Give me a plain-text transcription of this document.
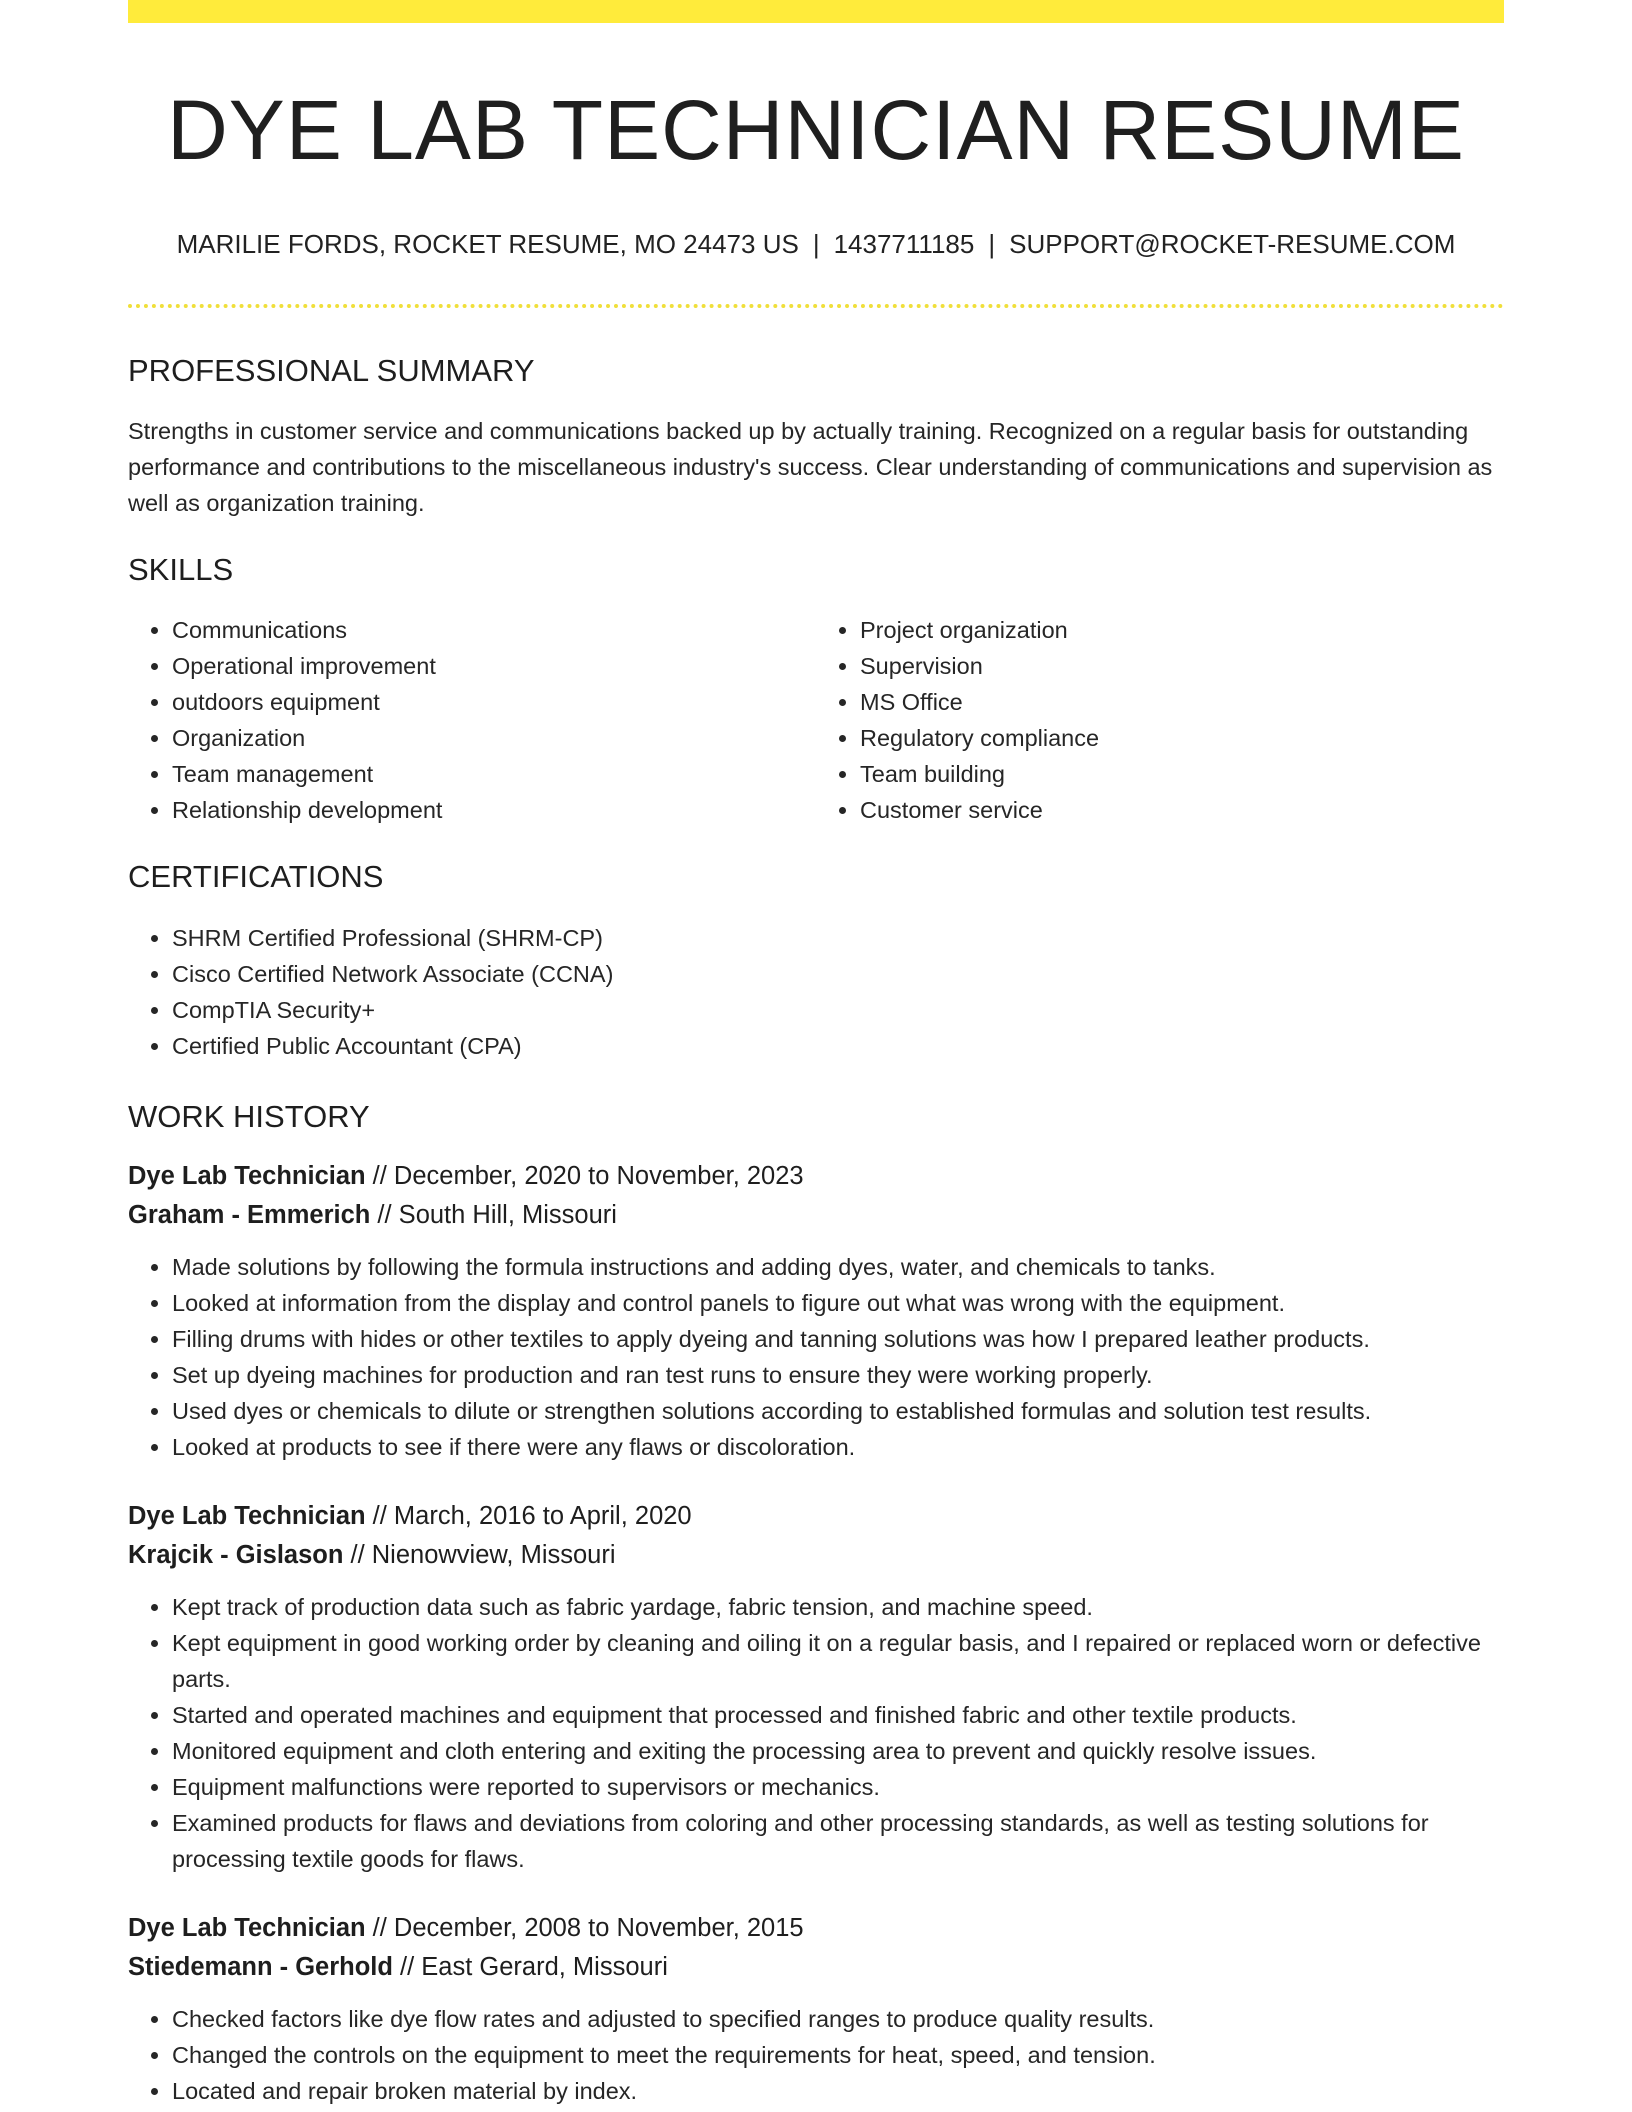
DYE LAB TECHNICIAN RESUME
MARILIE FORDS, ROCKET RESUME, MO 24473 US | 1437711185 | SUPPORT@ROCKET-RESUME.COM
PROFESSIONAL SUMMARY

Strengths in customer service and communications backed up by actually training. Recognized on a regular basis for outstanding performance and contributions to the miscellaneous industry's success. Clear understanding of communications and supervision as well as organization training.

SKILLS
• Communications
• Operational improvement
• outdoors equipment
• Organization
• Team management
• Relationship development
• Project organization
• Supervision
• MS Office
• Regulatory compliance
• Team building
• Customer service
CERTIFICATIONS
• SHRM Certified Professional (SHRM-CP)
• Cisco Certified Network Associate (CCNA)
• CompTIA Security+
• Certified Public Accountant (CPA)
WORK HISTORY
Dye Lab Technician // December, 2020 to November, 2023
Graham - Emmerich // South Hill, Missouri
• Made solutions by following the formula instructions and adding dyes, water, and chemicals to tanks.
• Looked at information from the display and control panels to figure out what was wrong with the equipment.
• Filling drums with hides or other textiles to apply dyeing and tanning solutions was how I prepared leather products.
• Set up dyeing machines for production and ran test runs to ensure they were working properly.
• Used dyes or chemicals to dilute or strengthen solutions according to established formulas and solution test results.
• Looked at products to see if there were any flaws or discoloration.
Dye Lab Technician // March, 2016 to April, 2020
Krajcik - Gislason // Nienowview, Missouri
• Kept track of production data such as fabric yardage, fabric tension, and machine speed.
• Kept equipment in good working order by cleaning and oiling it on a regular basis, and I repaired or replaced worn or defective parts.
• Started and operated machines and equipment that processed and finished fabric and other textile products.
• Monitored equipment and cloth entering and exiting the processing area to prevent and quickly resolve issues.
• Equipment malfunctions were reported to supervisors or mechanics.
• Examined products for flaws and deviations from coloring and other processing standards, as well as testing solutions for processing textile goods for flaws.
Dye Lab Technician // December, 2008 to November, 2015
Stiedemann - Gerhold // East Gerard, Missouri
• Checked factors like dye flow rates and adjusted to specified ranges to produce quality results.
• Changed the controls on the equipment to meet the requirements for heat, speed, and tension.
• Located and repair broken material by index.
